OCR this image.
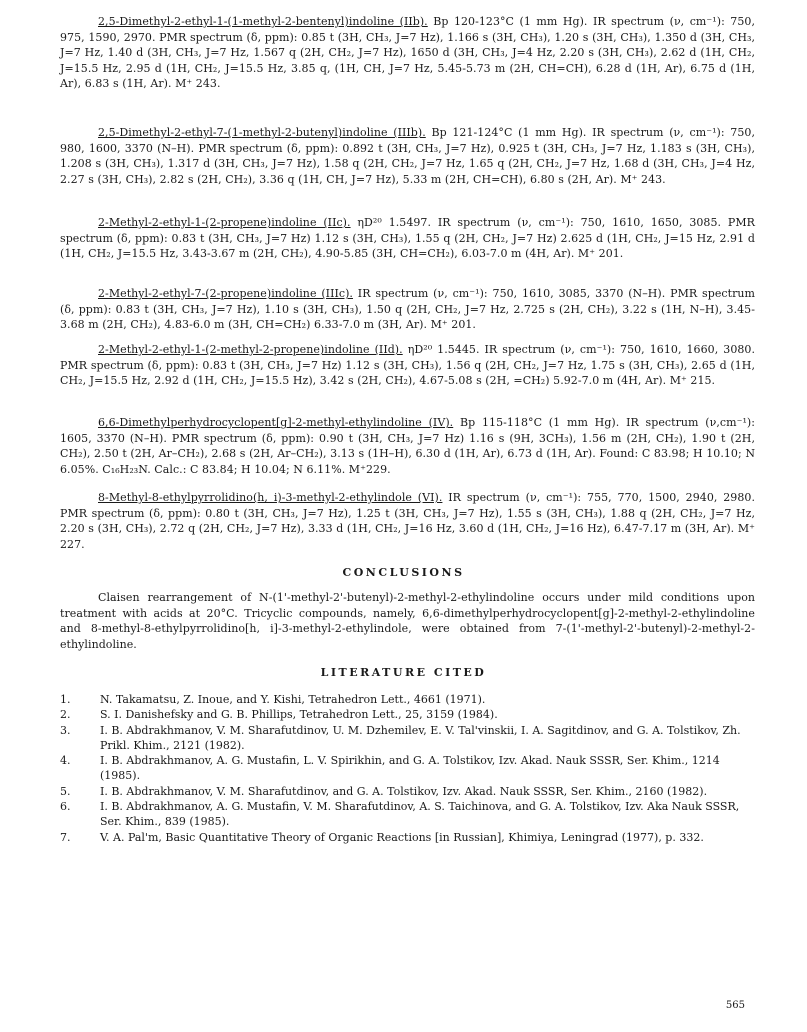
2,5-Dimethyl-2-ethyl-1-(1-methyl-2-bentenyl)indoline (IIb). Bp 120-123°C (1 mm Hg). IR spectrum (ν, cm⁻¹): 750, 975, 1590, 2970. PMR spectrum (δ, ppm): 0.85 t (3H, CH₃, J=7 Hz), 1.166 s (3H, CH₃), 1.20 s (3H, CH₃), 1.350 d (3H, CH₃, J=7 Hz, 1.40 d (3H, CH₃, J=7 Hz, 1.567 q (2H, CH₂, J=7 Hz), 1650 d (3H, CH₃, J=4 Hz, 2.20 s (3H, CH₃), 2.62 d (1H, CH₂, J=15.5 Hz, 2.95 d (1H, CH₂, J=15.5 Hz, 3.85 q, (1H, CH, J=7 Hz, 5.45-5.73 m (2H, CH=CH), 6.28 d (1H, Ar), 6.75 d (1H, Ar), 6.83 s (1H, Ar). M⁺ 243.

2,5-Dimethyl-2-ethyl-7-(1-methyl-2-butenyl)indoline (IIIb). Bp 121-124°C (1 mm Hg). IR spectrum (ν, cm⁻¹): 750, 980, 1600, 3370 (N–H). PMR spectrum (δ, ppm): 0.892 t (3H, CH₃, J=7 Hz), 0.925 t (3H, CH₃, J=7 Hz, 1.183 s (3H, CH₃), 1.208 s (3H, CH₃), 1.317 d (3H, CH₃, J=7 Hz), 1.58 q (2H, CH₂, J=7 Hz, 1.65 q (2H, CH₂, J=7 Hz, 1.68 d (3H, CH₃, J=4 Hz, 2.27 s (3H, CH₃), 2.82 s (2H, CH₂), 3.36 q (1H, CH, J=7 Hz), 5.33 m (2H, CH=CH), 6.80 s (2H, Ar). M⁺ 243.

2-Methyl-2-ethyl-1-(2-propene)indoline (IIc). ηD²⁰ 1.5497. IR spectrum (ν, cm⁻¹): 750, 1610, 1650, 3085. PMR spectrum (δ, ppm): 0.83 t (3H, CH₃, J=7 Hz) 1.12 s (3H, CH₃), 1.55 q (2H, CH₂, J=7 Hz) 2.625 d (1H, CH₂, J=15 Hz, 2.91 d (1H, CH₂, J=15.5 Hz, 3.43-3.67 m (2H, CH₂), 4.90-5.85 (3H, CH=CH₂), 6.03-7.0 m (4H, Ar). M⁺ 201.

2-Methyl-2-ethyl-7-(2-propene)indoline (IIIc). IR spectrum (ν, cm⁻¹): 750, 1610, 3085, 3370 (N–H). PMR spectrum (δ, ppm): 0.83 t (3H, CH₃, J=7 Hz), 1.10 s (3H, CH₃), 1.50 q (2H, CH₂, J=7 Hz, 2.725 s (2H, CH₂), 3.22 s (1H, N–H), 3.45-3.68 m (2H, CH₂), 4.83-6.0 m (3H, CH=CH₂) 6.33-7.0 m (3H, Ar). M⁺ 201.

2-Methyl-2-ethyl-1-(2-methyl-2-propene)indoline (IId). ηD²⁰ 1.5445. IR spectrum (ν, cm⁻¹): 750, 1610, 1660, 3080. PMR spectrum (δ, ppm): 0.83 t (3H, CH₃, J=7 Hz) 1.12 s (3H, CH₃), 1.56 q (2H, CH₂, J=7 Hz, 1.75 s (3H, CH₃), 2.65 d (1H, CH₂, J=15.5 Hz, 2.92 d (1H, CH₂, J=15.5 Hz), 3.42 s (2H, CH₂), 4.67-5.08 s (2H, =CH₂) 5.92-7.0 m (4H, Ar). M⁺ 215.

6,6-Dimethylperhydrocyclopent[g]-2-methyl-ethylindoline (IV). Bp 115-118°C (1 mm Hg). IR spectrum (ν,cm⁻¹): 1605, 3370 (N–H). PMR spectrum (δ, ppm): 0.90 t (3H, CH₃, J=7 Hz) 1.16 s (9H, 3CH₃), 1.56 m (2H, CH₂), 1.90 t (2H, CH₂), 2.50 t (2H, Ar–CH₂), 2.68 s (2H, Ar–CH₂), 3.13 s (1H–H), 6.30 d (1H, Ar), 6.73 d (1H, Ar). Found: C 83.98; H 10.10; N 6.05%. C₁₆H₂₃N. Calc.: C 83.84; H 10.04; N 6.11%. M⁺229.

8-Methyl-8-ethylpyrrolidino(h, i)-3-methyl-2-ethylindole (VI). IR spectrum (ν, cm⁻¹): 755, 770, 1500, 2940, 2980. PMR spectrum (δ, ppm): 0.80 t (3H, CH₃, J=7 Hz), 1.25 t (3H, CH₃, J=7 Hz), 1.55 s (3H, CH₃), 1.88 q (2H, CH₂, J=7 Hz, 2.20 s (3H, CH₃), 2.72 q (2H, CH₂, J=7 Hz), 3.33 d (1H, CH₂, J=16 Hz, 3.60 d (1H, CH₂, J=16 Hz), 6.47-7.17 m (3H, Ar). M⁺ 227.

CONCLUSIONS

Claisen rearrangement of N-(1'-methyl-2'-butenyl)-2-methyl-2-ethylindoline occurs under mild conditions upon treatment with acids at 20°C. Tricyclic compounds, namely, 6,6-dimethylperhydrocyclopent[g]-2-methyl-2-ethylindoline and 8-methyl-8-ethylpyrrolidino[h, i]-3-methyl-2-ethylindole, were obtained from 7-(1'-methyl-2'-butenyl)-2-methyl-2-ethylindoline.

LITERATURE CITED
1.	N. Takamatsu, Z. Inoue, and Y. Kishi, Tetrahedron Lett., 4661 (1971).
2.	S. I. Danishefsky and G. B. Phillips, Tetrahedron Lett., 25, 3159 (1984).
3.	I. B. Abdrakhmanov, V. M. Sharafutdinov, U. M. Dzhemilev, E. V. Tal'vinskii, I. A. Sagitdinov, and G. A. Tolstikov, Zh. Prikl. Khim., 2121 (1982).
4.	I. B. Abdrakhmanov, A. G. Mustafin, L. V. Spirikhin, and G. A. Tolstikov, Izv. Akad. Nauk SSSR, Ser. Khim., 1214 (1985).
5.	I. B. Abdrakhmanov, V. M. Sharafutdinov, and G. A. Tolstikov, Izv. Akad. Nauk SSSR, Ser. Khim., 2160 (1982).
6.	I. B. Abdrakhmanov, A. G. Mustafin, V. M. Sharafutdinov, A. S. Taichinova, and G. A. Tolstikov, Izv. Aka Nauk SSSR, Ser. Khim., 839 (1985).
7.	V. A. Pal'm, Basic Quantitative Theory of Organic Reactions [in Russian], Khimiya, Leningrad (1977), p. 332.
565
